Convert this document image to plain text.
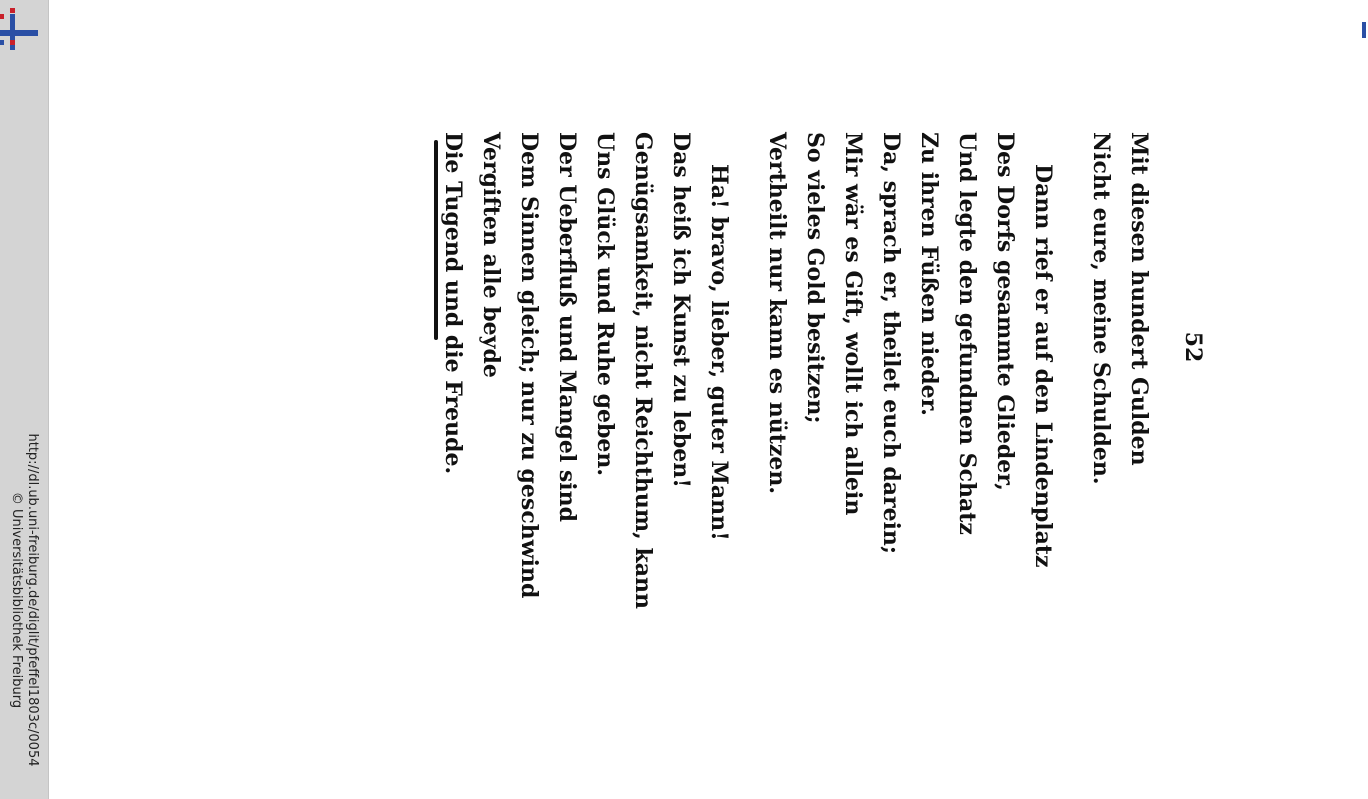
http://dl.ub.uni-freiburg.de/diglit/pfeffel1803c/0054
© Universitätsbibliothek Freiburg
52
Mit diesen hundert Gulden
Nicht eure, meine Schulden.
Dann rief er auf den Lindenplatz
Des Dorfs gesammte Glieder,
Und legte den gefundnen Schatz
Zu ihren Füßen nieder.
Da, sprach er, theilet euch darein;
Mir wär es Gift, wollt ich allein
So vieles Gold besitzen;
Vertheilt nur kann es nützen.
Ha! bravo, lieber, guter Mann!
Das heiß ich Kunst zu leben!
Genügsamkeit, nicht Reichthum, kann
Uns Glück und Ruhe geben.
Der Ueberfluß und Mangel sind
Dem Sinnen gleich; nur zu geschwind
Vergiften alle beyde
Die Tugend und die Freude.
